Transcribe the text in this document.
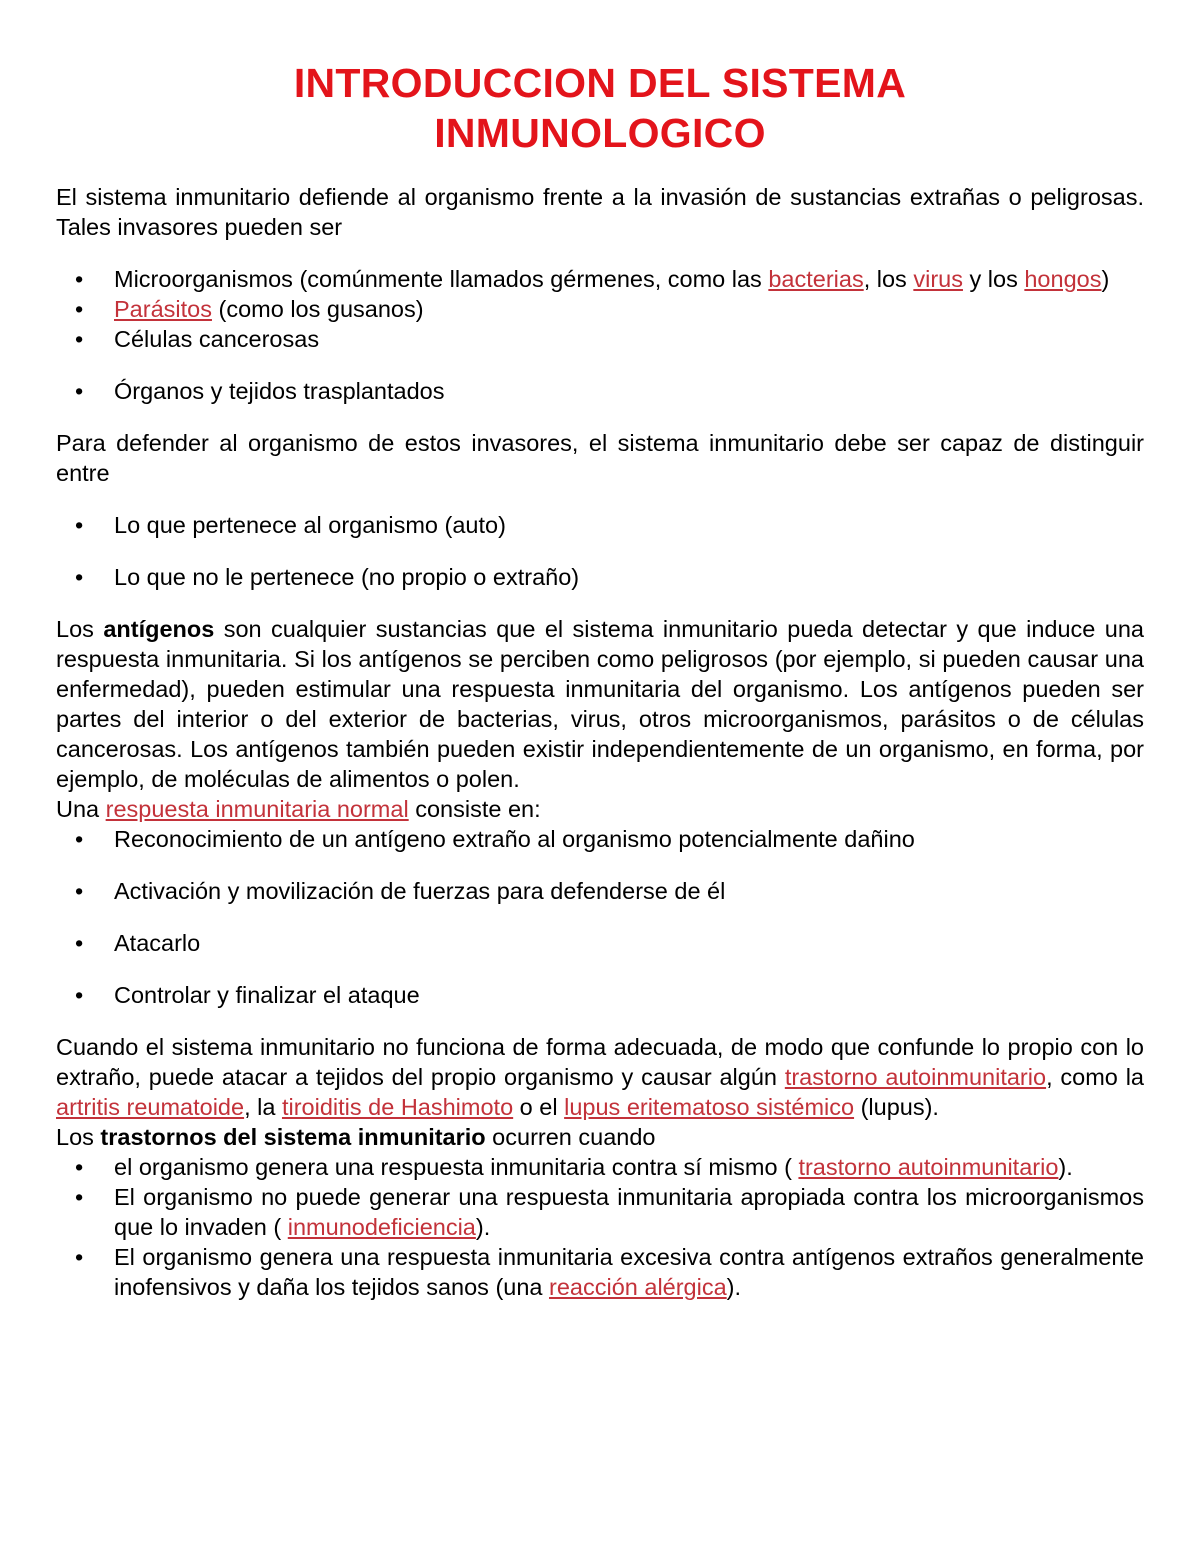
INTRODUCCION DEL SISTEMA
INMUNOLOGICO

El sistema inmunitario defiende al organismo frente a la invasión de sustancias extrañas o peligrosas. Tales invasores pueden ser

• Microorganismos (comúnmente llamados gérmenes, como las bacterias, los virus y los hongos)
• Parásitos (como los gusanos)
• Células cancerosas
• Órganos y tejidos trasplantados

Para defender al organismo de estos invasores, el sistema inmunitario debe ser capaz de distinguir entre

• Lo que pertenece al organismo (auto)
• Lo que no le pertenece (no propio o extraño)

Los antígenos son cualquier sustancias que el sistema inmunitario pueda detectar y que induce una respuesta inmunitaria. Si los antígenos se perciben como peligrosos (por ejemplo, si pueden causar una enfermedad), pueden estimular una respuesta inmunitaria del organismo. Los antígenos pueden ser partes del interior o del exterior de bacterias, virus, otros microorganismos, parásitos o de células cancerosas. Los antígenos también pueden existir independientemente de un organismo, en forma, por ejemplo, de moléculas de alimentos o polen.

Una respuesta inmunitaria normal consiste en:

• Reconocimiento de un antígeno extraño al organismo potencialmente dañino
• Activación y movilización de fuerzas para defenderse de él
• Atacarlo
• Controlar y finalizar el ataque

Cuando el sistema inmunitario no funciona de forma adecuada, de modo que confunde lo propio con lo extraño, puede atacar a tejidos del propio organismo y causar algún trastorno autoinmunitario, como la artritis reumatoide, la tiroiditis de Hashimoto o el lupus eritematoso sistémico (lupus).

Los trastornos del sistema inmunitario ocurren cuando

• el organismo genera una respuesta inmunitaria contra sí mismo ( trastorno autoinmunitario).
• El organismo no puede generar una respuesta inmunitaria apropiada contra los microorganismos que lo invaden ( inmunodeficiencia).
• El organismo genera una respuesta inmunitaria excesiva contra antígenos extraños generalmente inofensivos y daña los tejidos sanos (una reacción alérgica).
